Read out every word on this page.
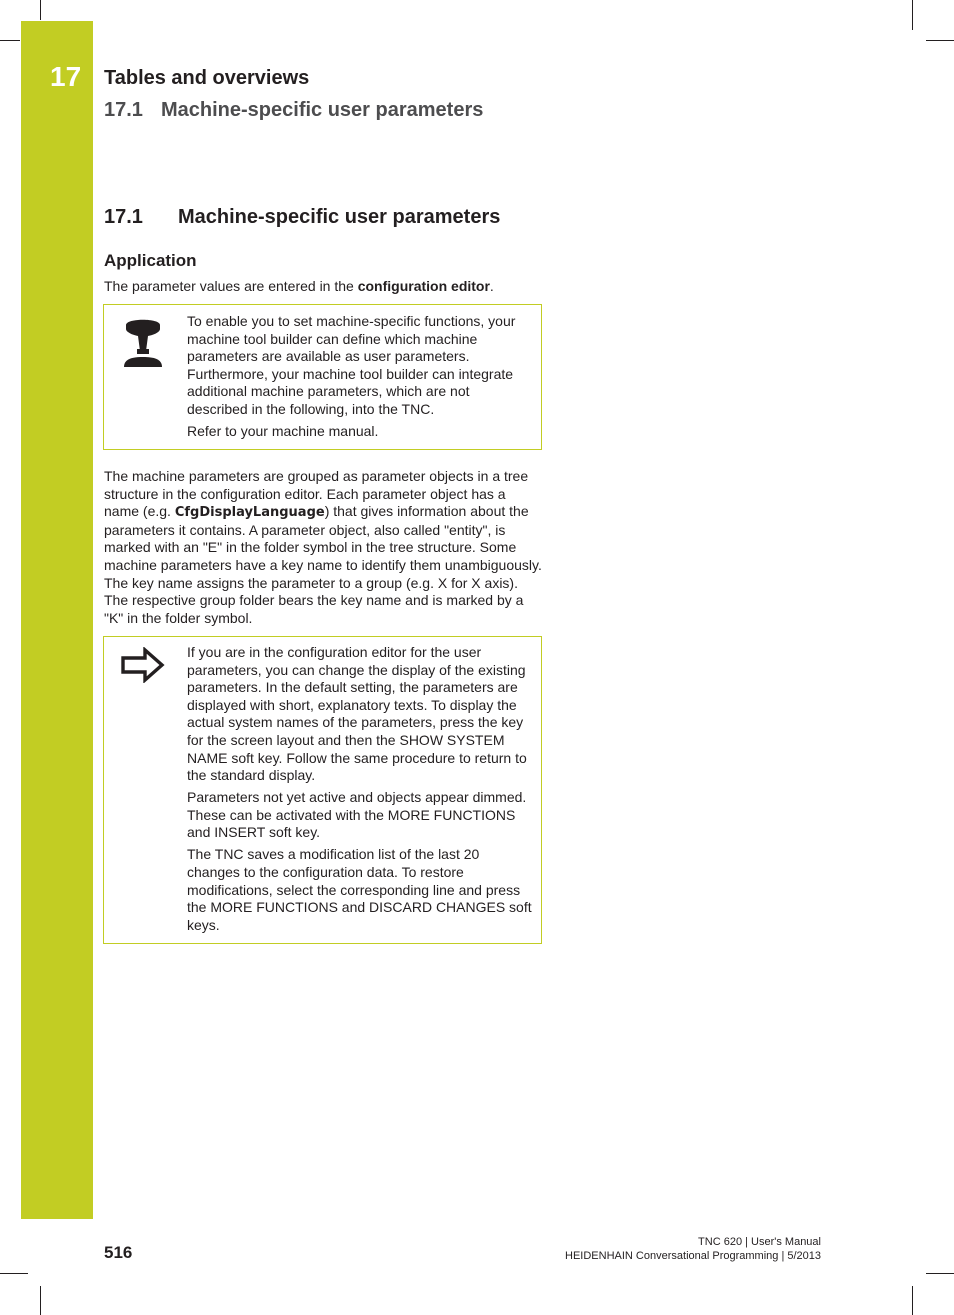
17 Tables and overviews
17.1 Machine-specific user parameters
17.1 Machine-specific user parameters
Application
The parameter values are entered in the configuration editor.

To enable you to set machine-specific functions, your machine tool builder can define which machine parameters are available as user parameters. Furthermore, your machine tool builder can integrate additional machine parameters, which are not described in the following, into the TNC.

Refer to your machine manual.

The machine parameters are grouped as parameter objects in a tree structure in the configuration editor. Each parameter object has a name (e.g. CfgDisplayLanguage) that gives information about the parameters it contains. A parameter object, also called "entity", is marked with an "E" in the folder symbol in the tree structure. Some machine parameters have a key name to identify them unambiguously. The key name assigns the parameter to a group (e.g. X for X axis). The respective group folder bears the key name and is marked by a "K" in the folder symbol.

If you are in the configuration editor for the user parameters, you can change the display of the existing parameters. In the default setting, the parameters are displayed with short, explanatory texts. To display the actual system names of the parameters, press the key for the screen layout and then the SHOW SYSTEM NAME soft key. Follow the same procedure to return to the standard display.

Parameters not yet active and objects appear dimmed. These can be activated with the MORE FUNCTIONS and INSERT soft key.

The TNC saves a modification list of the last 20 changes to the configuration data. To restore modifications, select the corresponding line and press the MORE FUNCTIONS and DISCARD CHANGES soft keys.

516
TNC 620 | User's Manual
HEIDENHAIN Conversational Programming | 5/2013
